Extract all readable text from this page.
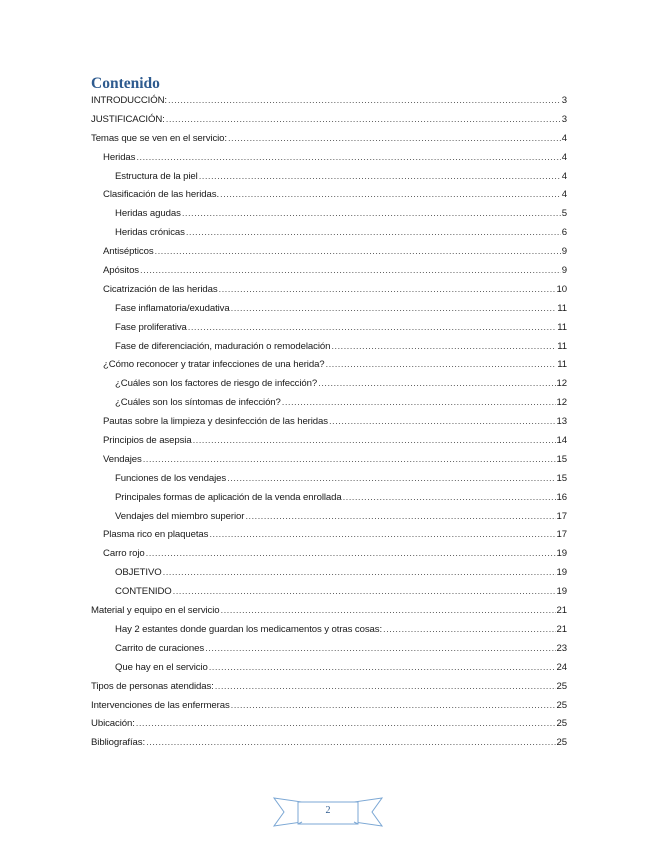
Contenido
INTRODUCCIÓN: .....	3
JUSTIFICACIÓN: .....	3
Temas que se ven en el servicio: .....	4
Heridas .....	4
Estructura de la piel .....	4
Clasificación de las heridas. .....	4
Heridas agudas .....	5
Heridas crónicas .....	6
Antisépticos .....	9
Apósitos .....	9
Cicatrización de las heridas .....	10
Fase inflamatoria/exudativa .....	11
Fase proliferativa .....	11
Fase de diferenciación, maduración o remodelación .....	11
¿Cómo reconocer y tratar infecciones de una herida? .....	11
¿Cuáles son los factores de riesgo de infección? .....	12
¿Cuáles son los síntomas de infección? .....	12
Pautas sobre la limpieza y desinfección de las heridas .....	13
Principios de asepsia .....	14
Vendajes .....	15
Funciones de los vendajes .....	15
Principales formas de aplicación de la venda enrollada .....	16
Vendajes del miembro superior .....	17
Plasma rico en plaquetas .....	17
Carro rojo .....	19
OBJETIVO .....	19
CONTENIDO .....	19
Material y equipo en el servicio .....	21
Hay 2 estantes donde guardan los medicamentos y otras cosas: .....	21
Carrito de curaciones .....	23
Que hay en el servicio .....	24
Tipos de personas atendidas: .....	25
Intervenciones de las enfermeras .....	25
Ubicación: .....	25
Bibliografías: .....	25
2
